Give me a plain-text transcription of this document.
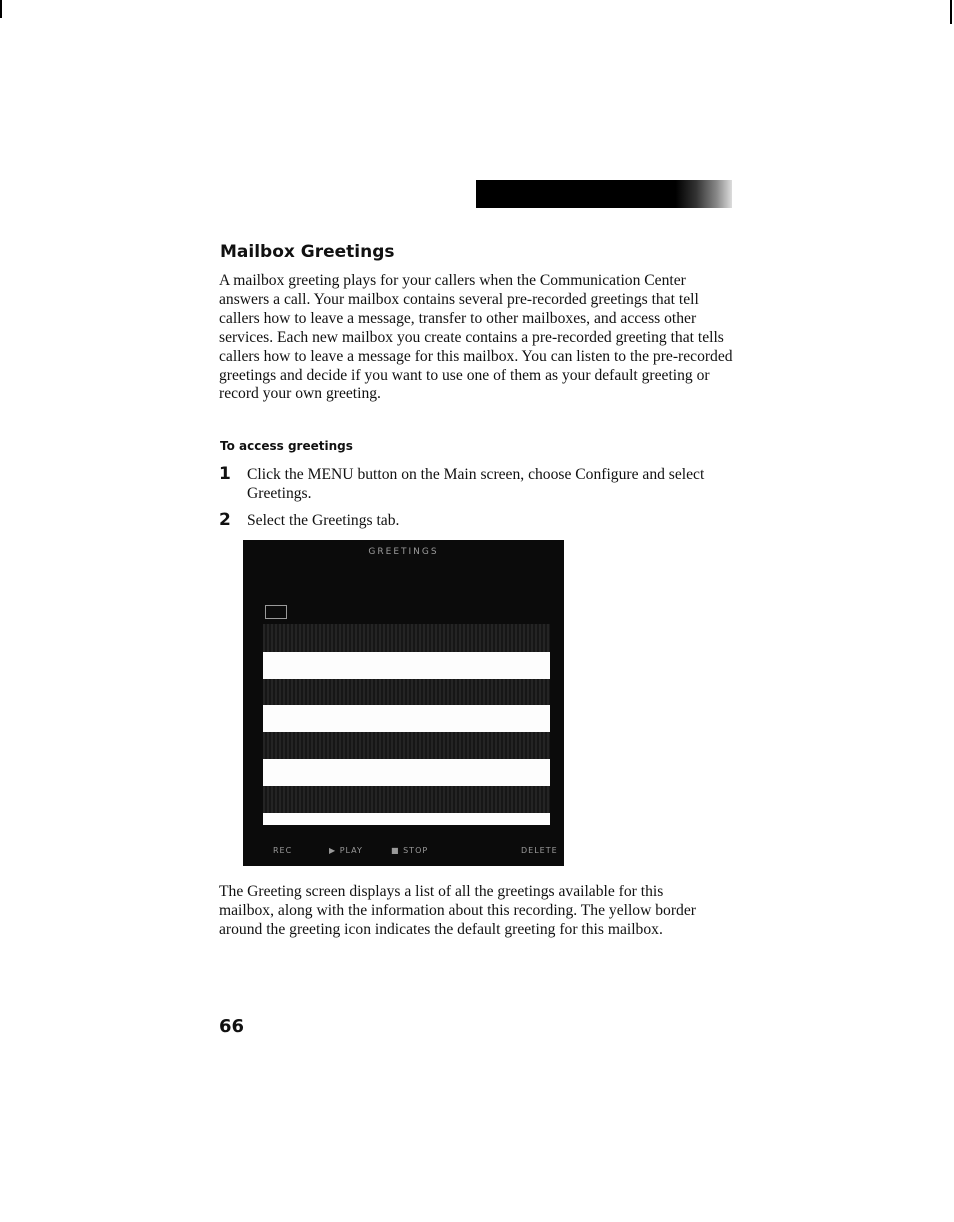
Mailbox Greetings

A mailbox greeting plays for your callers when the Communication Center answers a call. Your mailbox contains several pre-recorded greetings that tell callers how to leave a message, transfer to other mailboxes, and access other services. Each new mailbox you create contains a pre-recorded greeting that tells callers how to leave a message for this mailbox. You can listen to the pre-recorded greetings and decide if you want to use one of them as your default greeting or record your own greeting.

To access greetings
1 Click the MENU button on the Main screen, choose Configure and select Greetings.
2 Select the Greetings tab.
GREETINGS
REC	▶ PLAY	■ STOP	DELETE

The Greeting screen displays a list of all the greetings available for this mailbox, along with the information about this recording. The yellow border around the greeting icon indicates the default greeting for this mailbox.

66
